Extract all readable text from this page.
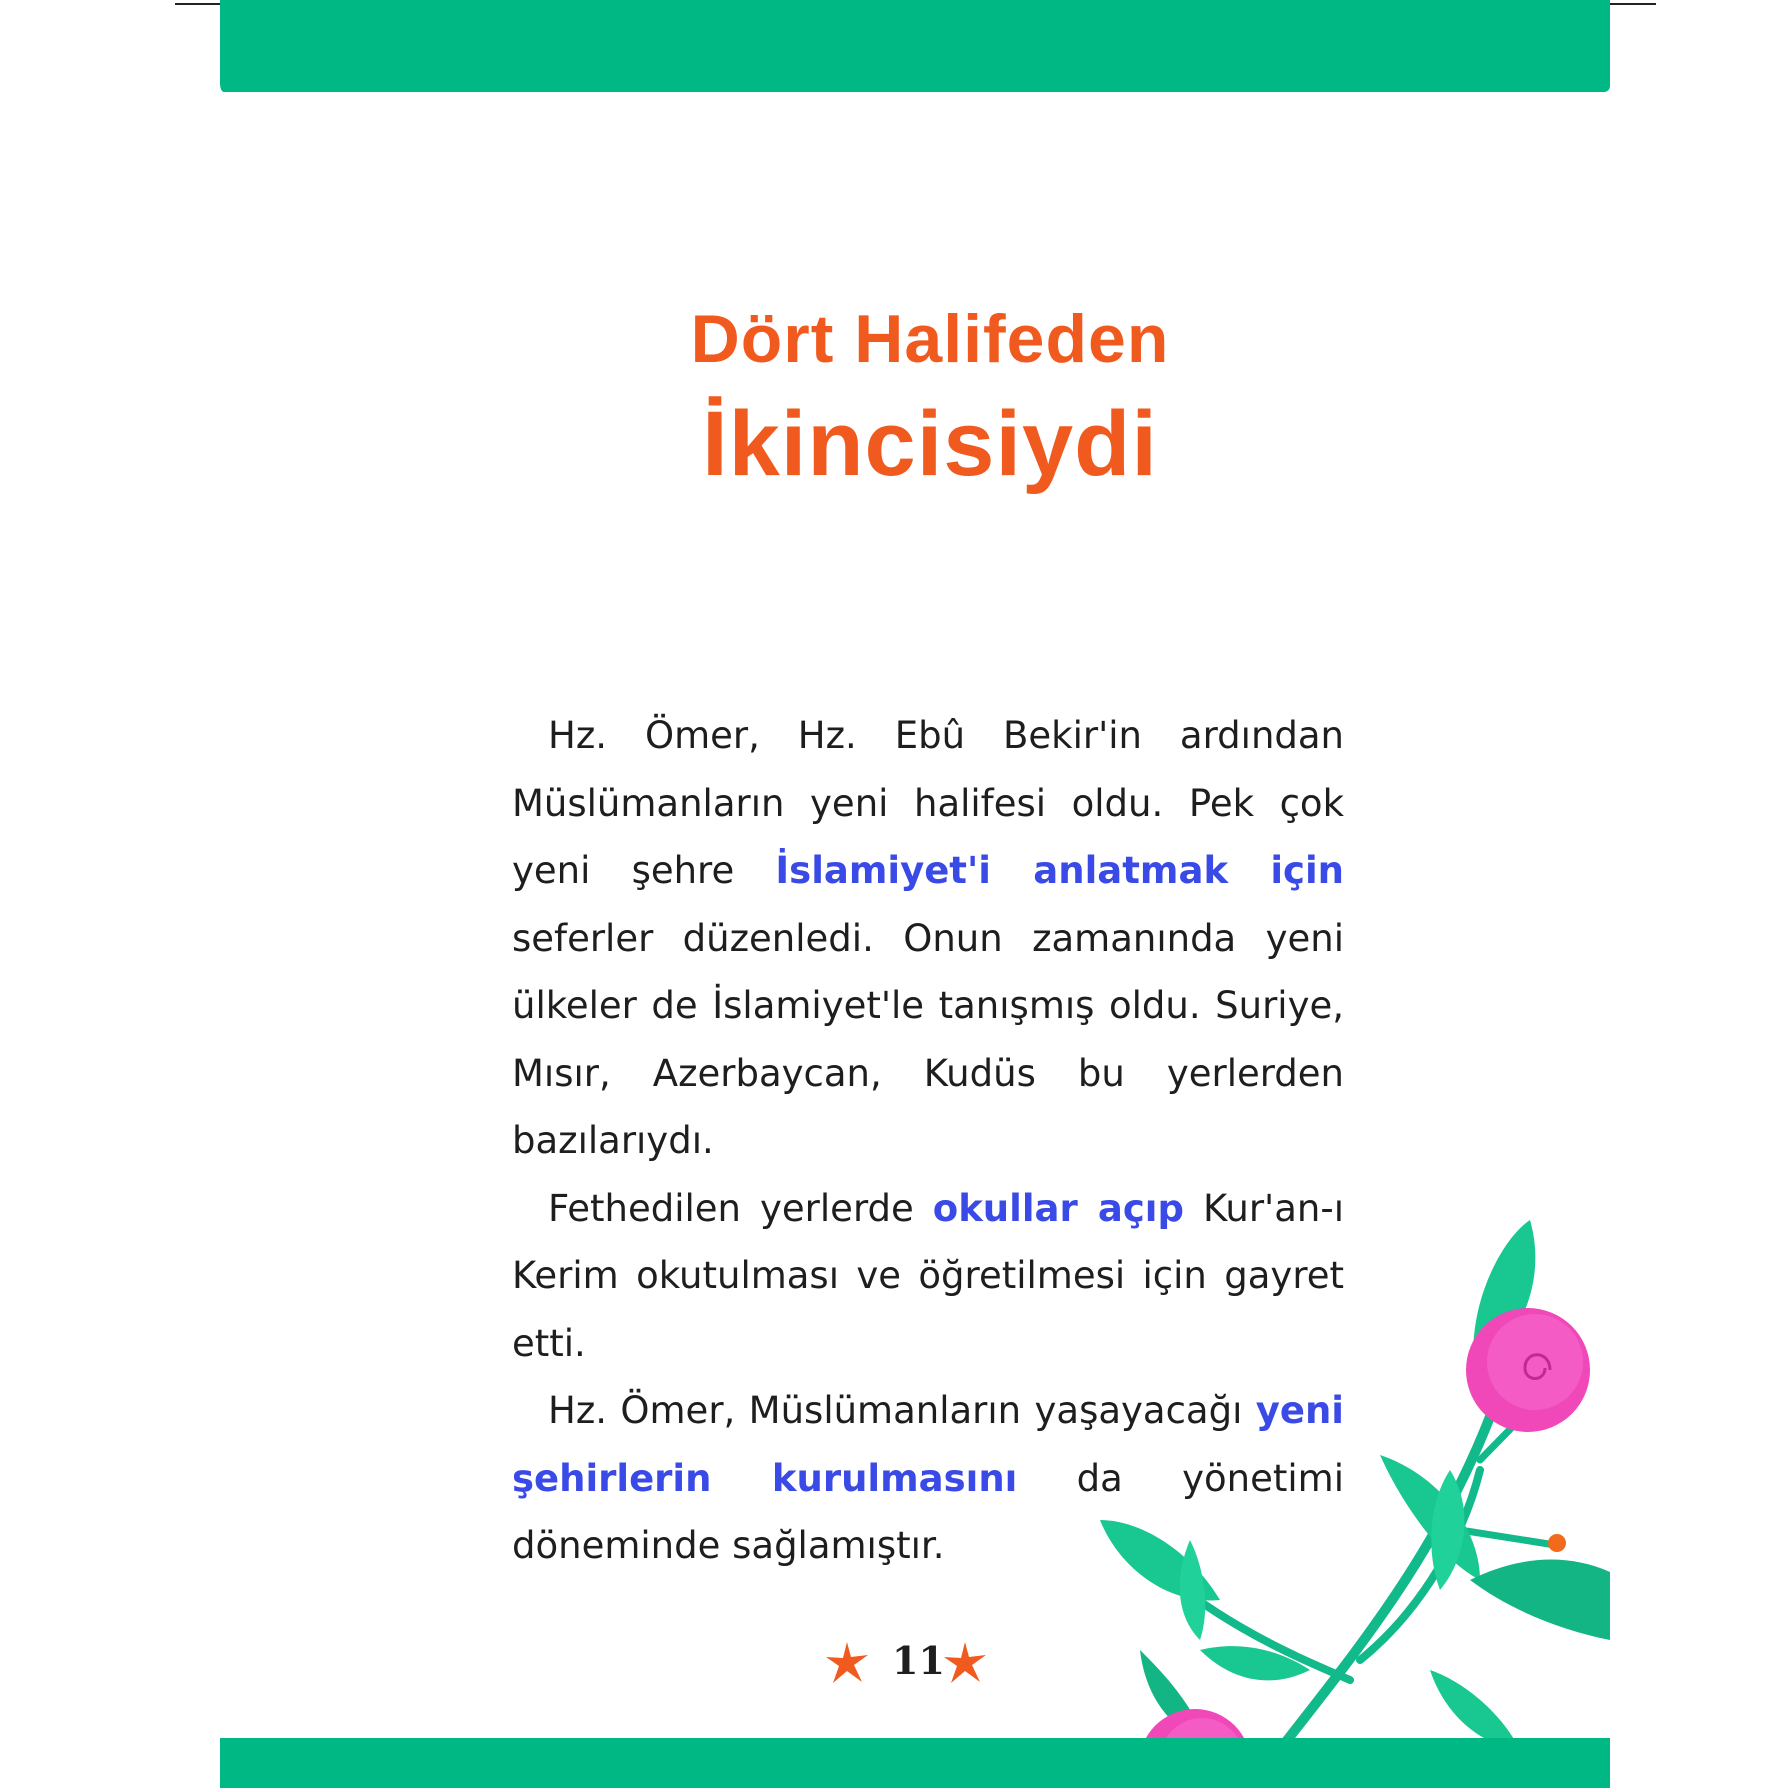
Dört Halifeden
İkincisiydi

Hz. Ömer, Hz. Ebû Bekir'in ardından Müslümanların yeni halifesi oldu. Pek çok yeni şehre İslamiyet'i anlatmak için seferler düzenledi. Onun zamanında yeni ülkeler de İslamiyet'le tanışmış oldu. Suriye, Mısır, Azerbaycan, Kudüs bu yerlerden bazılarıydı.

Fethedilen yerlerde okullar açıp Kur'an-ı Kerim okutulması ve öğretilmesi için gayret etti.

Hz. Ömer, Müslümanların yaşayacağı yeni şehirlerin kurulmasını da yönetimi döneminde sağlamıştır.

11
